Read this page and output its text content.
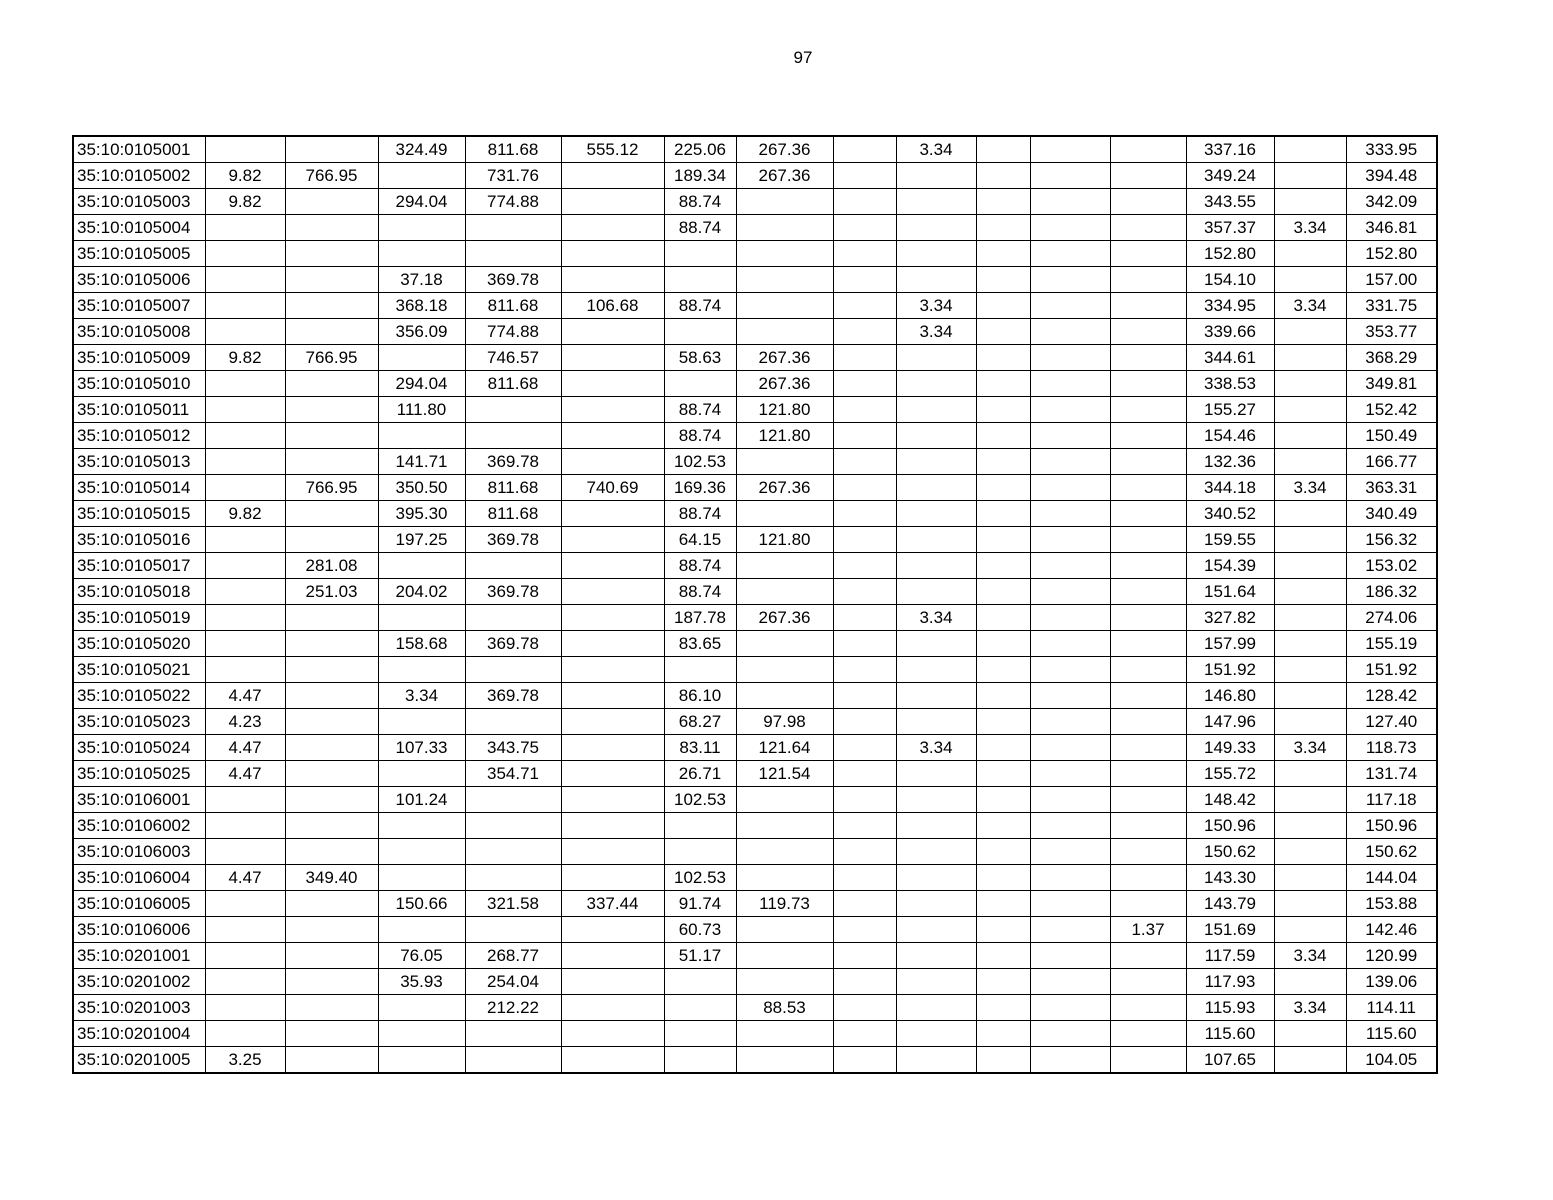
97
35:10:0105001			324.49	811.68	555.12	225.06	267.36		3.34				337.16		333.95
35:10:0105002	9.82	766.95		731.76		189.34	267.36						349.24		394.48
35:10:0105003	9.82		294.04	774.88		88.74							343.55		342.09
35:10:0105004						88.74							357.37	3.34	346.81
35:10:0105005													152.80		152.80
35:10:0105006			37.18	369.78									154.10		157.00
35:10:0105007			368.18	811.68	106.68	88.74			3.34				334.95	3.34	331.75
35:10:0105008			356.09	774.88					3.34				339.66		353.77
35:10:0105009	9.82	766.95		746.57		58.63	267.36						344.61		368.29
35:10:0105010			294.04	811.68			267.36						338.53		349.81
35:10:0105011			111.80			88.74	121.80						155.27		152.42
35:10:0105012						88.74	121.80						154.46		150.49
35:10:0105013			141.71	369.78		102.53							132.36		166.77
35:10:0105014		766.95	350.50	811.68	740.69	169.36	267.36						344.18	3.34	363.31
35:10:0105015	9.82		395.30	811.68		88.74							340.52		340.49
35:10:0105016			197.25	369.78		64.15	121.80						159.55		156.32
35:10:0105017		281.08				88.74							154.39		153.02
35:10:0105018		251.03	204.02	369.78		88.74							151.64		186.32
35:10:0105019						187.78	267.36		3.34				327.82		274.06
35:10:0105020			158.68	369.78		83.65							157.99		155.19
35:10:0105021													151.92		151.92
35:10:0105022	4.47		3.34	369.78		86.10							146.80		128.42
35:10:0105023	4.23					68.27	97.98						147.96		127.40
35:10:0105024	4.47		107.33	343.75		83.11	121.64		3.34				149.33	3.34	118.73
35:10:0105025	4.47			354.71		26.71	121.54						155.72		131.74
35:10:0106001			101.24			102.53							148.42		117.18
35:10:0106002													150.96		150.96
35:10:0106003													150.62		150.62
35:10:0106004	4.47	349.40				102.53							143.30		144.04
35:10:0106005			150.66	321.58	337.44	91.74	119.73						143.79		153.88
35:10:0106006						60.73						1.37	151.69		142.46
35:10:0201001			76.05	268.77		51.17							117.59	3.34	120.99
35:10:0201002			35.93	254.04									117.93		139.06
35:10:0201003				212.22			88.53						115.93	3.34	114.11
35:10:0201004													115.60		115.60
35:10:0201005	3.25												107.65		104.05
